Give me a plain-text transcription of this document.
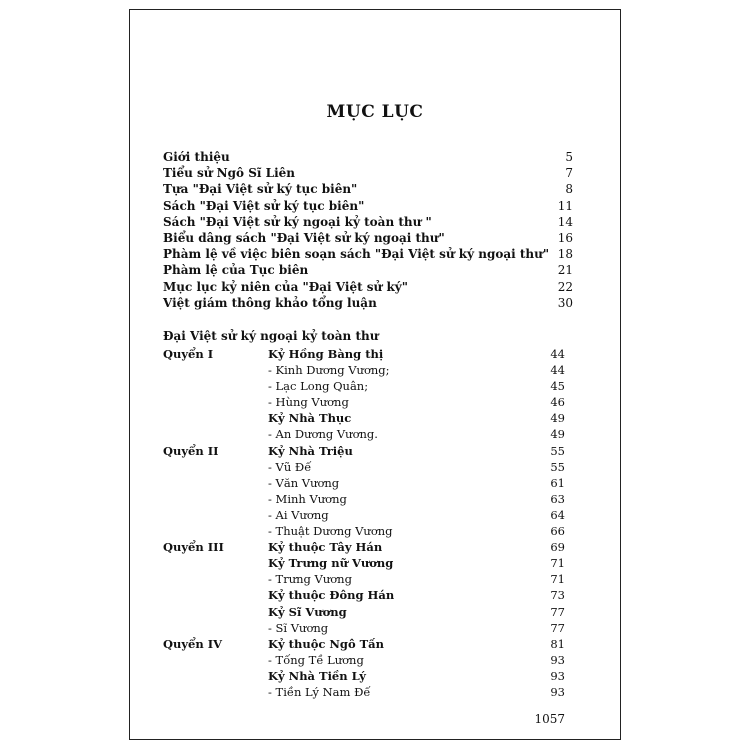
MỤC LỤC
Giới thiệu	5
Tiểu sử Ngô Sĩ Liên	7
Tựa "Đại Việt sử ký tục biên"	8
Sách "Đại Việt sử ký tục biên"	11
Sách "Đại Việt sử ký ngoại kỷ toàn thư "	14
Biểu dâng sách "Đại Việt sử ký ngoại thư"	16
Phàm lệ về việc biên soạn sách "Đại Việt sử ký ngoại thư" 18
Phàm lệ của Tục biên	21
Mục lục kỷ niên của "Đại Việt sử ký"	22
Việt giám thông khảo tổng luận	30
Đại Việt sử ký ngoại kỷ toàn thư
Quyển I	Kỷ Hồng Bàng thị	44
- Kinh Dương Vương;	44
- Lạc Long Quân;	45
- Hùng Vương	46
Kỷ Nhà Thục	49
- An Dương Vương.	49
Quyển II	Kỷ Nhà Triệu	55
- Vũ Đế	55
- Văn Vương	61
- Minh Vương	63
- Ai Vương	64
- Thuật Dương Vương	66
Quyển III	Kỷ thuộc Tây Hán	69
Kỷ Trưng nữ Vương	71
- Trưng Vương	71
Kỷ thuộc Đông Hán	73
Kỷ Sĩ Vương	77
- Sĩ Vương	77
Quyển IV	Kỷ thuộc Ngô Tấn	81
- Tống Tề Lương	93
Kỷ Nhà Tiền Lý	93
- Tiền Lý Nam Đế	93
1057
